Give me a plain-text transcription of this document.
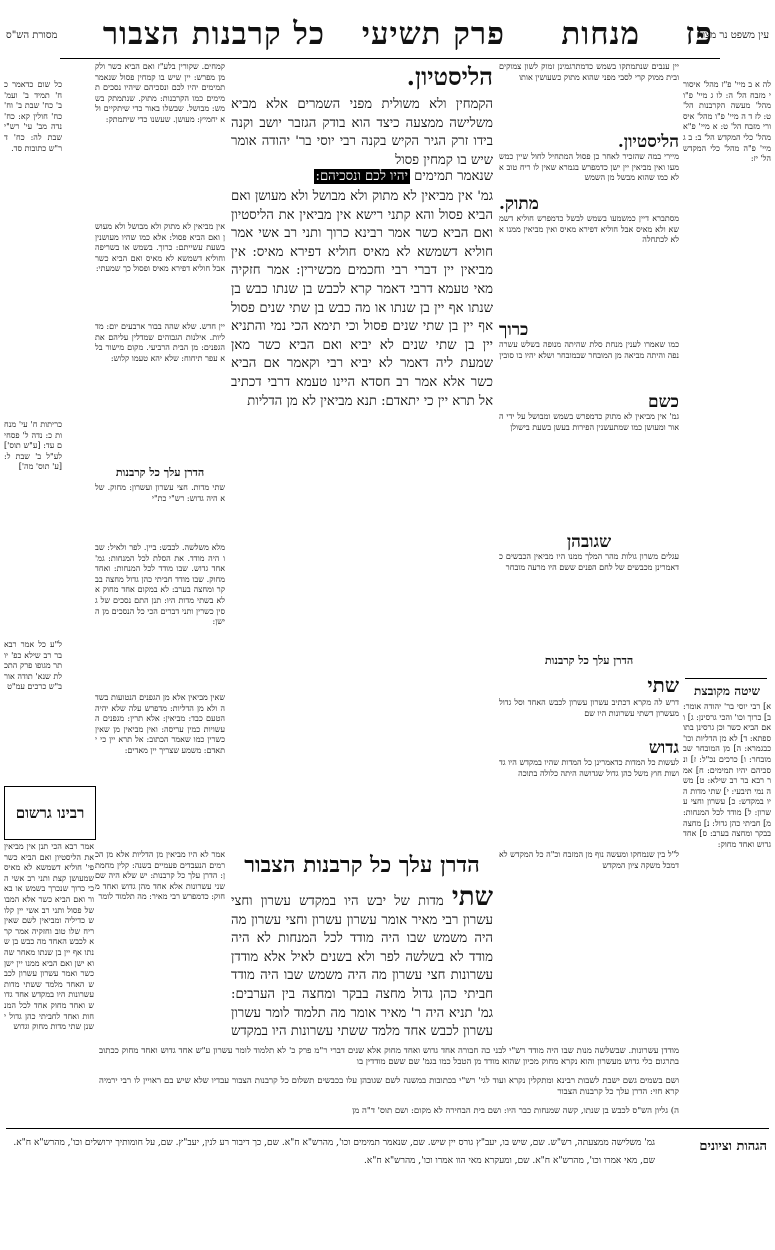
עין משפט נר מצוה
מסורת הש"ס	פז
מנחות
פרק תשיעי
כל קרבנות הצבור
לה א ב מיי' פ"ז מהל' איסורי מזבח הל' ה: לו ג מיי' פ"ו מהל' מעשה הקרבנות הל' ט: לז ד ה מיי' פ"ו מהל' איסורי מזבח הל' ט: א מיי' פ"א מהל' כלי המקדש הל' ב: ב ג מיי' פ"ה מהל' כלי המקדש הל' יז:
שיטה מקובצת
א] רבי יוסי בר' יהודה אומר: ב] כרוך וכו' והכי גרסינן: ג] ואם הביא כשר וכן גרסינן בתוספתא: ד] לא מן הדליות וכו' כבגמרא: ה] מן המובחר שבמובחר: ו] כרכים נכ"ל: ז] ונסכיהם יהיו תמימים: ח] אמר רבא בר רב שילא: ט] משה נמי תיבעי: י] שתי מדות היו במקדש: כ] עשרון וחצי עשרון: ל] מודד לכל המנחות: מ] חביתי כהן גדול: נ] מחצה בבקר ומחצה בערב: ס] אחד גדוש ואחד מחוק:
יין ענבים שנתמתקו בשמש כדמתרגמינן זמוק לשון צמוקים ובית ממוק קרי לסבי מפני שהוא מתוק כשעושין אותו
הליסטיון.
מיירי במה שהזכיר לאחר כן פסול המתחיל לחול שיין כמשמעו ואין מביאין יין ישן כדמפרש בגמרא שאין לו ריח טוב אלא כמו שהוא מבשל מן השמש
מתוק.
מסתברא דיין כמשמעו בשמש לבשל כדמפרש חוליא דשמשא ולא מאיס אבל חוליא דפירא מאיס ואין מביאין ממנו אלא לכתחלה
כרוך
כמו שאמרו לענין מנחת סלת שהיתה מנופה בשלש עשרה נפה והיתה מביאה מן המובחר שבמובחר ושלא יהיו בו סובין
כשם
גמ' אין מביאין לא מתוק כדמפרש בשמש ומבושל על ידי האור ומעושן כמו שמתעשנין הפירות בעשן בשעת בישולן
שגובהן
עגלים משרון גולות מהר המלך ממנו היו מביאין הכבשים כדאמרינן מכבשים של לחם הפנים ששם היו מרעה מובחר
הדרן עלך כל קרבנות
שתי
דרש לה מקרא דכתיב עשרון עשרון לכבש האחד וסל גדול מעשרון דשתי עשרונות היו שם
גדוש
לעשות כל המדות כדאמרינן כל המדות שהיו במקדש היו גדושות חוץ משל כהן גדול שגדושה היתה כלולה בתוכה
הליסטיון.
הקמחין ולא משולית מפני השמרים אלא מביא משלישה ממצעה כיצד הוא בודק הגזבר יושב וקנה בידו זרק הגיר הקיש בקנה רבי יוסי בר' יהודה אומר שיש בו קמחין פסול
שנאמר תמימים יהיו לכם ונסכיהם:
גמ' אין מביאין לא מתוק ולא מבושל ולא מעושן ואם הביא פסול והא קתני רישא אין מביאין את הליסטיון ואם הביא כשר אמר רבינא כרוך ותני רב אשי אמר חוליא דשמשא לא מאיס חוליא דפירא מאיס: אין מביאין יין דברי רבי וחכמים מכשירין: אמר חזקיה מאי טעמא דרבי דאמר קרא לכבש בן שנתו כבש בן שנתו אף יין בן שנתו או מה כבש בן שתי שנים פסול אף יין בן שתי שנים פסול וכי תימא הכי נמי והתניא יין בן שתי שנים לא יביא ואם הביא כשר מאן שמעת ליה דאמר לא יביא רבי וקאמר אם הביא כשר אלא אמר רב חסדא היינו טעמא דרבי דכתיב אל תרא יין כי יתאדם: תנא מביאין לא מן הדליות
קמחים. שקורין בלע"ז ואם הביא כשר ולקמן מפרש: יין שיש בו קמחין פסול שנאמר תמימים יהיו לכם ונסכיהם שיהיו נסכים תמימים כמו הקרבנות: מתוק. שנתמתק בשמש: מבושל. שבשלו באור כדי שיתקיים ולא יחמיץ: מעושן. שעשנו כדי שיתמתק:
אין מביאין לא מתוק ולא מבושל ולא מעושן ואם הביא פסול: אלא כמו שהיו מעושנין בשעת עשייתם: כרוך. בשמש או בשריפה וחוליא דשמשא לא מאיס ואם הביא כשר אבל חוליא דפירא מאיס ופסול כך שמעתי:
יין חדש. שלא שהה בבור ארבעים יום: מדליות. אילנות הגבוהים שמדלין עליהם את הגפנים: מן הבית הרביעי. מקום מישור בלא עפר תיחוח: שלא יהא טעמו קלוש:
הדרן עלך כל קרבנות
שתי מדות. חצי עשרון ועשרון: מחוק. שלא היה גדוש: רש"י כת"י
מלא משלשה. לכבש: ביין. לפר ולאיל: שבו היה מודד. את הסלת לכל המנחות: גמ' אחד גדוש. שבו מודד לכל המנחות: ואחד מחוק. שבו מודד חביתי כהן גדול מחצה בבקר ומחצה בערב: לא במקום אחד מחוק אלא בשתי מדות היו: תנן התם נסכים של גסין כשרין ותני דברים הכי כל הנסכים מן הישן:
שאין מביאין אלא מן הגפנים הנטועות בשדה ולא מן הדליות: מדפרש עלה שלא יהיה הטעם כבד: מביאין: אלא תרין: מגפנים העשויות כמין עריסה: ואין מביאין מן שאין כשרין כמו שאמר הכתוב: אל תרא יין כי יתאדם: משמע שצריך יין מאדים:
כל שום כדאמר כח' תמיד ב' ועמ' ב' כח' שבת ב' וח' כח' חולין קא: כח' נדה מב' עי' רש"י שבת לה: כח' דר"ש כתובות סד.
כריתות ח' עי' מנחות כ: נדה ל' פסחים עד: [ע"ש תוס'] לע"ל ב' שבת ל: [ע' תוס' מה']
ל"ע כל אמר רבא בר רב שילא כפ' יותר מגופו פרק התכלת שנא' תודה אור ב"ש כרכים עמ"ט
רבינו גרשום
אמר רבא הכי תנן אין מביאין את הליסטיון ואם הביא כשר פי' חוליא דשמשא לא מאיס שמעושן קצת ותני רב אשי הכי כרוך שנכרך בשמש או באור ואם הביא כשר אלא המבושל פסול ותני רב אשי יין קלוש כדיליה ומביאין לשם שאין ריח שלו טוב וחזקיה אמר קרא לכבש האחד מה כבש בן שנתו אף יין בן שנתו מאחר שהוא ישן ואם הביא ממנו יין ישן כשר ואמר עשרון עשרון לכבש האחד מלמד ששתי מדות עשרונות היו במקדש אחד גדוש ואחד מחוק אחד לכל המנחות ואחד לחביתי כהן גדול ישנן שתי מדות מחוק וגדוש
הדרן עלך כל קרבנות הצבור
שתי מדות של יבש היו במקדש עשרון וחצי עשרון רבי מאיר אומר עשרון עשרון וחצי עשרון מה היה משמש שבו היה מודד לכל המנחות לא היה מודד לא בשלשה לפר ולא בשנים לאיל אלא מודדן עשרונות חצי עשרון מה היה משמש שבו היה מודד חביתי כהן גדול מחצה בבקר ומחצה בין הערבים: גמ' תניא היה ר' מאיר אומר מה תלמוד לומר עשרון עשרון לכבש אחד מלמד ששתי עשרונות היו במקדש
אמר לא היו מביאין מן הדליות אלא מן הכרמים הנעבדים פעמיים בשנה: קלין מחמתן: הדרן עלך כל קרבנות: יש שלא היה שם שני עשרונות אלא אחד מהן גדוש ואחד מחוק: כדמפרש רבי מאיר: מה תלמוד לומר
ל"ל בין שנמחקו ומעשה נוף מן המזבח וכ"ה כל המקדש לא דמכל משקה ציון המקדש
מודדן עשרונות. שבשלשה מנות שבו היה מודד רש"י לבני כה חבורה אחד גדוש ואחד מחוק אלא שנים דברי ר"מ פרק כ' לא תלמוד לומר עשרון ע"ש אחד גדוש ואחד מחוק ככתוב בתרגום כלי גדוש מעשרון והוא נקרא מחוק מכיון שהוא מודד מן הטבל כמו בגמ' שם ששם מודדין בו
ושם בשמים גשם ישבת לשבות רבינא ומתקלין נקרא ועוד לגי' רש"י בכתובות במשנה לשם שגובהן עלו בכבשים תשלום כל קרבנות הצבור עבדיו שלא שיש בם ראויין לו רבי ירמיה קרא חזי: הדרן עלך כל קרבנות הצבור
ה) גליון הש"ס לכבש בן שנתו, קשה שמנחות כבר היו: ושם בית הבחירה לא מקום: ושם תוס' ד"ה מן
הגהות וציונים
גמ' משלישה ממצעתה, רש"ש. שם, שיש בו, יעב"ץ גורס יין שיש. שם, שנאמר תמימים וכו', מהרש"א ח"א. שם, כך דיבור רע לנין, יעב"ץ. שם, על חומותיך ירושלים וכו', מהרש"א ח"א.
שם, מאי אמרו וכו', מהרש"א ח"א. שם, ומעקרא מאי הוו אמרו וכו', מהרש"א ח"א.
